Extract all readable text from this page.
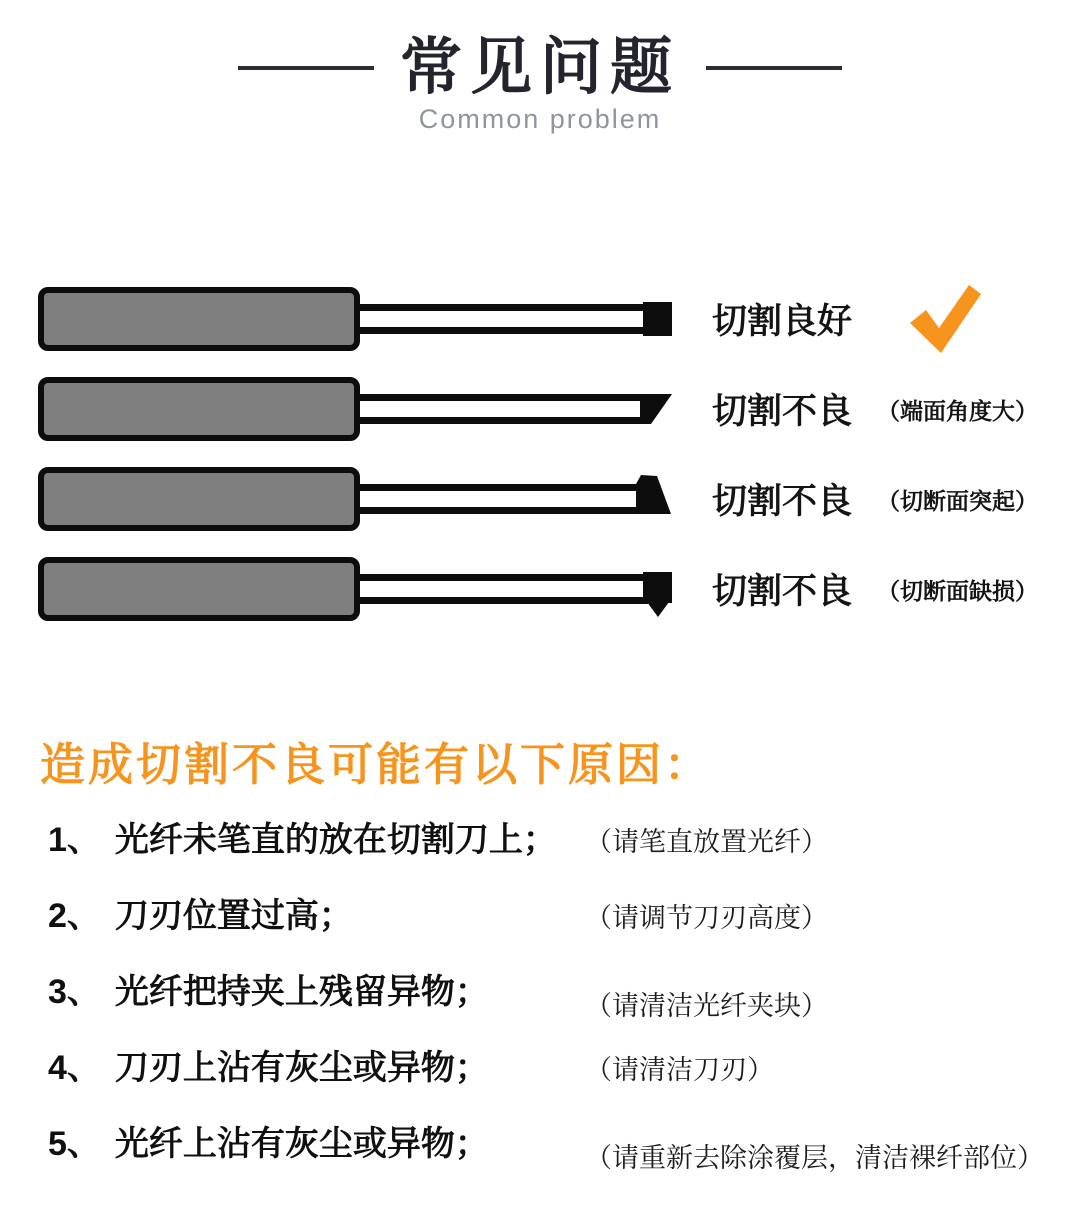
常见问题
Common problem
切割良好
切割不良	（端面角度大）
切割不良	（切断面突起）
切割不良	（切断面缺损）
造成切割不良可能有以下原因：
1、 光纤未笔直的放在切割刀上；	（请笔直放置光纤）
2、 刀刃位置过高；	（请调节刀刃高度）
3、 光纤把持夹上残留异物；	（请清洁光纤夹块）
4、 刀刃上沾有灰尘或异物；	（请清洁刀刃）
5、 光纤上沾有灰尘或异物；	（请重新去除涂覆层，清洁裸纤部位）
